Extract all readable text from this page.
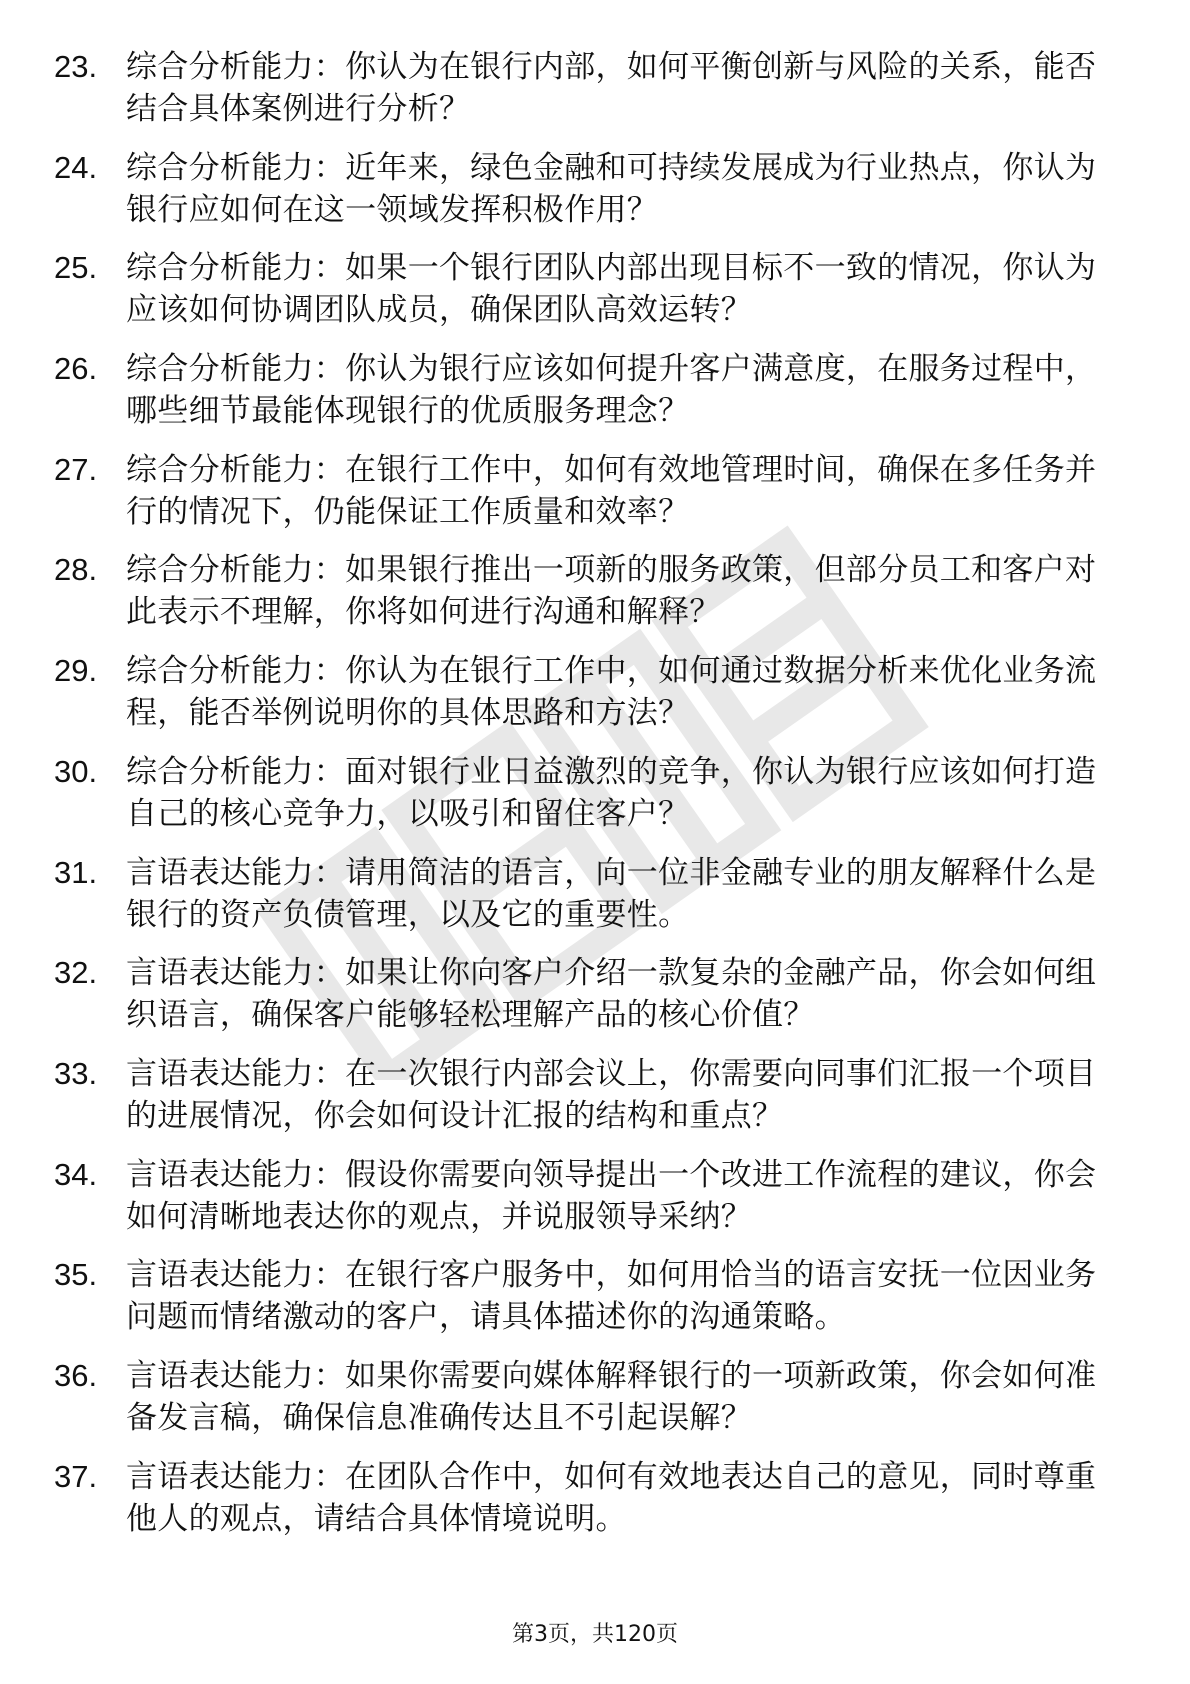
23. 综合分析能力：你认为在银行内部，如何平衡创新与风险的关系，能否结合具体案例进行分析？
24. 综合分析能力：近年来，绿色金融和可持续发展成为行业热点，你认为银行应如何在这一领域发挥积极作用？
25. 综合分析能力：如果一个银行团队内部出现目标不一致的情况，你认为应该如何协调团队成员，确保团队高效运转？
26. 综合分析能力：你认为银行应该如何提升客户满意度，在服务过程中，哪些细节最能体现银行的优质服务理念？
27. 综合分析能力：在银行工作中，如何有效地管理时间，确保在多任务并行的情况下，仍能保证工作质量和效率？
28. 综合分析能力：如果银行推出一项新的服务政策，但部分员工和客户对此表示不理解，你将如何进行沟通和解释？
29. 综合分析能力：你认为在银行工作中，如何通过数据分析来优化业务流程，能否举例说明你的具体思路和方法？
30. 综合分析能力：面对银行业日益激烈的竞争，你认为银行应该如何打造自己的核心竞争力，以吸引和留住客户？
31. 言语表达能力：请用简洁的语言，向一位非金融专业的朋友解释什么是银行的资产负债管理，以及它的重要性。
32. 言语表达能力：如果让你向客户介绍一款复杂的金融产品，你会如何组织语言，确保客户能够轻松理解产品的核心价值？
33. 言语表达能力：在一次银行内部会议上，你需要向同事们汇报一个项目的进展情况，你会如何设计汇报的结构和重点？
34. 言语表达能力：假设你需要向领导提出一个改进工作流程的建议，你会如何清晰地表达你的观点，并说服领导采纳？
35. 言语表达能力：在银行客户服务中，如何用恰当的语言安抚一位因业务问题而情绪激动的客户，请具体描述你的沟通策略。
36. 言语表达能力：如果你需要向媒体解释银行的一项新政策，你会如何准备发言稿，确保信息准确传达且不引起误解？
37. 言语表达能力：在团队合作中，如何有效地表达自己的意见，同时尊重他人的观点，请结合具体情境说明。
第3页，共120页
